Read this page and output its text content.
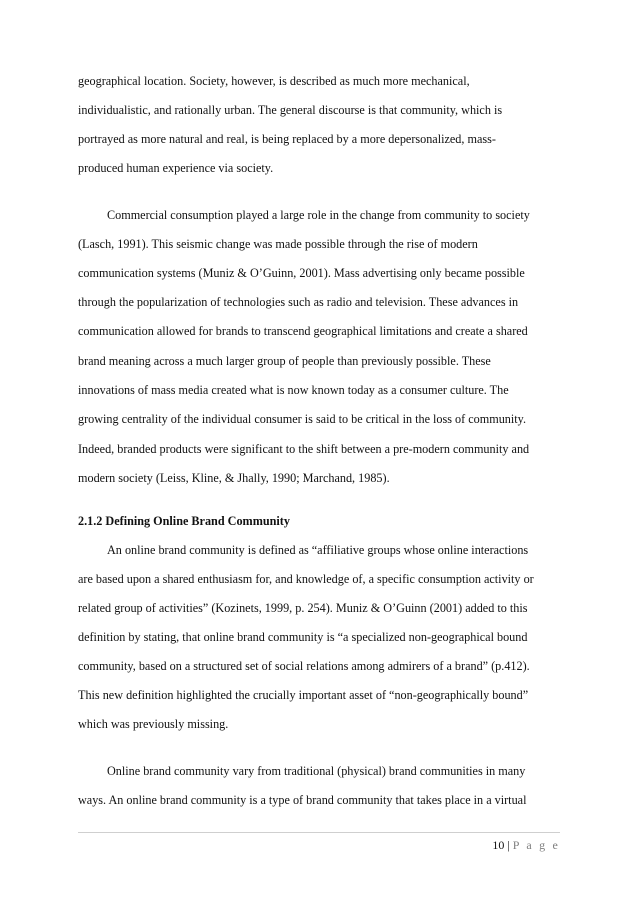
geographical location. Society, however, is described as much more mechanical,

individualistic, and rationally urban. The general discourse is that community, which is

portrayed as more natural and real, is being replaced by a more depersonalized, mass-

produced human experience via society.

Commercial consumption played a large role in the change from community to society

(Lasch, 1991). This seismic change was made possible through the rise of modern

communication systems (Muniz & O’Guinn, 2001). Mass advertising only became possible

through the popularization of technologies such as radio and television. These advances in

communication allowed for brands to transcend geographical limitations and create a shared

brand meaning across a much larger group of people than previously possible. These

innovations of mass media created what is now known today as a consumer culture. The

growing centrality of the individual consumer is said to be critical in the loss of community.

Indeed, branded products were significant to the shift between a pre-modern community and

modern society (Leiss, Kline, & Jhally, 1990; Marchand, 1985).

2.1.2 Defining Online Brand Community

An online brand community is defined as “affiliative groups whose online interactions

are based upon a shared enthusiasm for, and knowledge of, a specific consumption activity or

related group of activities” (Kozinets, 1999, p. 254). Muniz & O’Guinn (2001) added to this

definition by stating, that online brand community is “a specialized non-geographical bound

community, based on a structured set of social relations among admirers of a brand” (p.412).

This new definition highlighted the crucially important asset of “non-geographically bound”

which was previously missing.

Online brand community vary from traditional (physical) brand communities in many

ways. An online brand community is a type of brand community that takes place in a virtual

10 | P a g e
